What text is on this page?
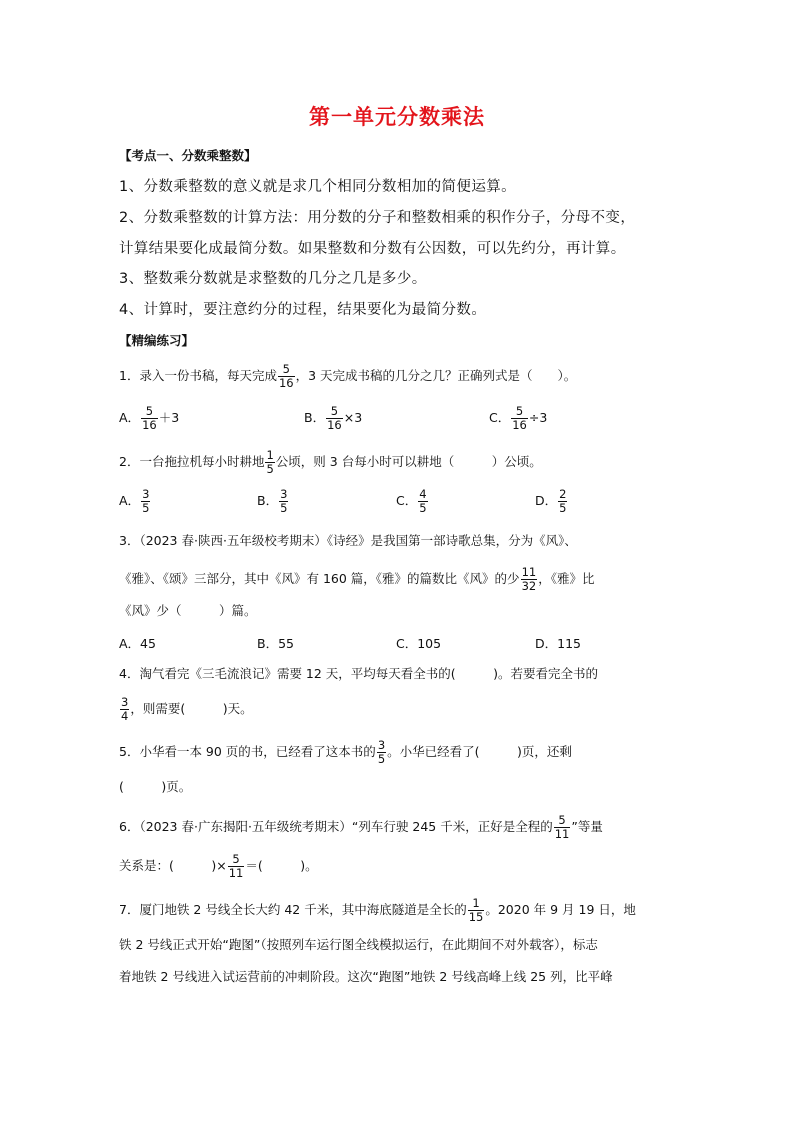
第一单元分数乘法
【考点一、分数乘整数】
1、分数乘整数的意义就是求几个相同分数相加的简便运算。
2、分数乘整数的计算方法：用分数的分子和整数相乘的积作分子，分母不变，
计算结果要化成最简分数。如果整数和分数有公因数，可以先约分，再计算。
3、整数乘分数就是求整数的几分之几是多少。
4、计算时，要注意约分的过程，结果要化为最简分数。
【精编练习】
1．录入一份书稿，每天完成 $\frac{5}{16}$ ，3 天完成书稿的几分之几？正确列式是（　　）。
A． $\frac{5}{16} +3$	B． $\frac{5}{16} \times 3$	C． $\frac{5}{16} \div 3$
2．一台拖拉机每小时耕地 $\frac{1}{5}$ 公顷，则 3 台每小时可以耕地（　　　）公顷。
A． $\frac{3}{5}$	B． $\frac{3}{5}$	C． $\frac{4}{5}$	D． $\frac{2}{5}$
3．（2023 春·陕西·五年级校考期末）《诗经》是我国第一部诗歌总集，分为《风》、
《雅》、《颂》三部分，其中《风》有 160 篇，《雅》的篇数比《风》的少 $\frac{11}{32}$ ，《雅》比
《风》少（　　　）篇。
A．45	B．55	C．105	D．115
4．淘气看完《三毛流浪记》需要 12 天，平均每天看全书的(　　　)。若要看完全书的
$\frac{3}{4}$ ，则需要(　　　)天。
5．小华看一本 90 页的书，已经看了这本书的 $\frac{3}{5}$ 。小华已经看了(　　　)页，还剩
(　　　)页。
6．（2023 春·广东揭阳·五年级统考期末）“列车行驶 245 千米，正好是全程的 $\frac{5}{11}$ ”等量
关系是：(　　　)× $\frac{5}{11}$ ＝(　　　)。
7．厦门地铁 2 号线全长大约 42 千米，其中海底隧道是全长的 $\frac{1}{15}$ 。2020 年 9 月 19 日，地
铁 2 号线正式开始“跑图”（按照列车运行图全线模拟运行，在此期间不对外载客），标志
着地铁 2 号线进入试运营前的冲刺阶段。这次“跑图”地铁 2 号线高峰上线 25 列，比平峰
